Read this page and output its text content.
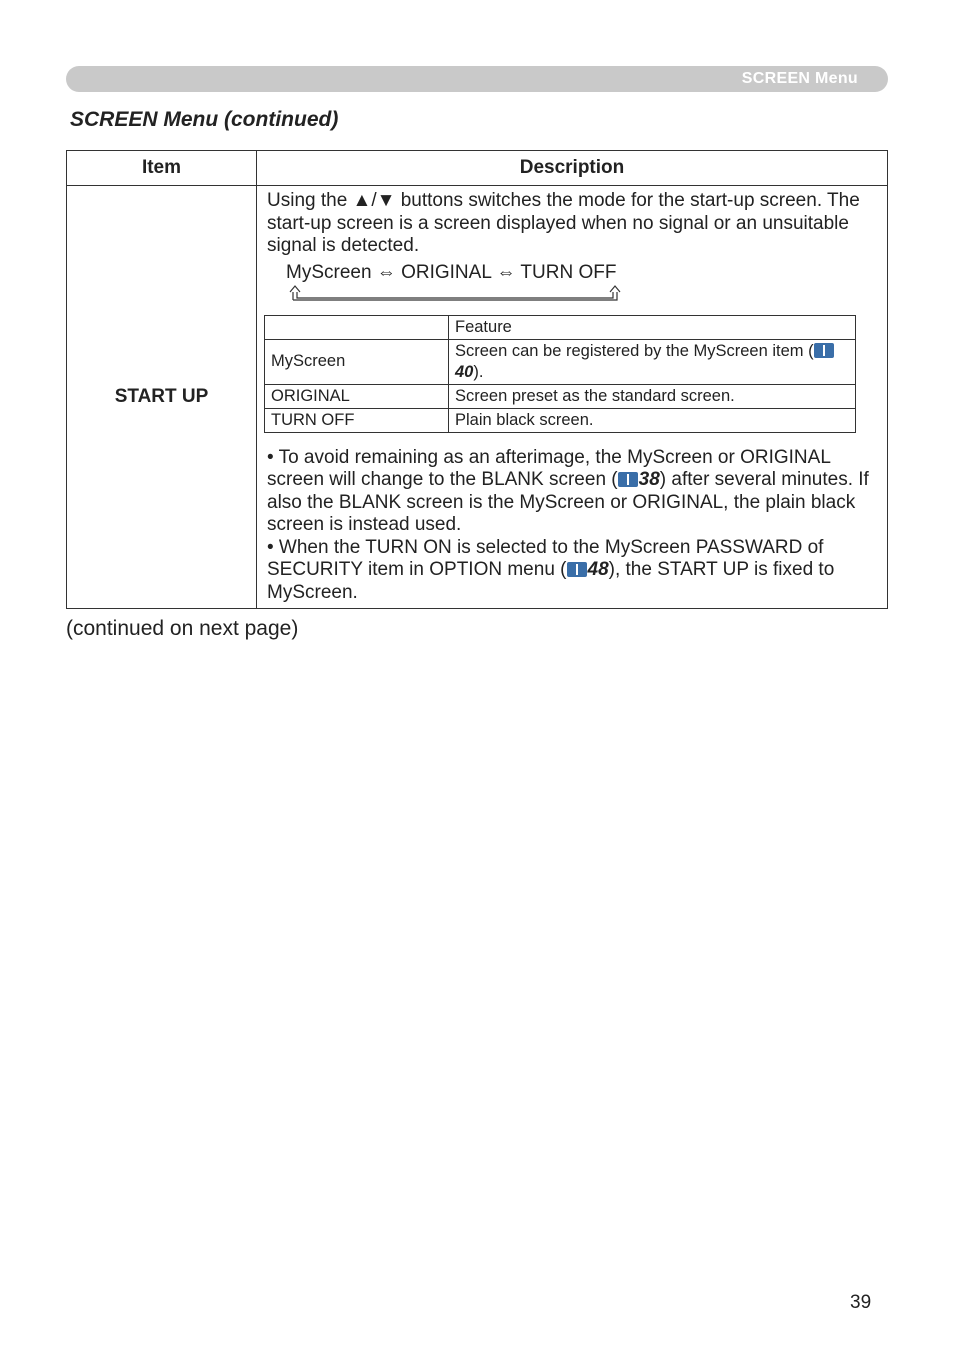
SCREEN Menu
SCREEN Menu (continued)
Item	Description
START UP	
Using the ▲/▼ buttons switches the mode for the start-up screen. The start-up screen is a screen displayed when no signal or an unsuitable signal is detected.
MyScreen ⇔ ORIGINAL ⇔ TURN OFF
	Feature
MyScreen	Screen can be registered by the MyScreen item (40).
ORIGINAL	Screen preset as the standard screen.
TURN OFF	Plain black screen.
• To avoid remaining as an afterimage, the MyScreen or ORIGINAL screen will change to the BLANK screen ( 38) after several minutes. If also the BLANK screen is the MyScreen or ORIGINAL, the plain black screen is instead used.
• When the TURN ON is selected to the MyScreen PASSWARD of SECURITY item in OPTION menu ( 48), the START UP is fixed to MyScreen.
(continued on next page)
39
